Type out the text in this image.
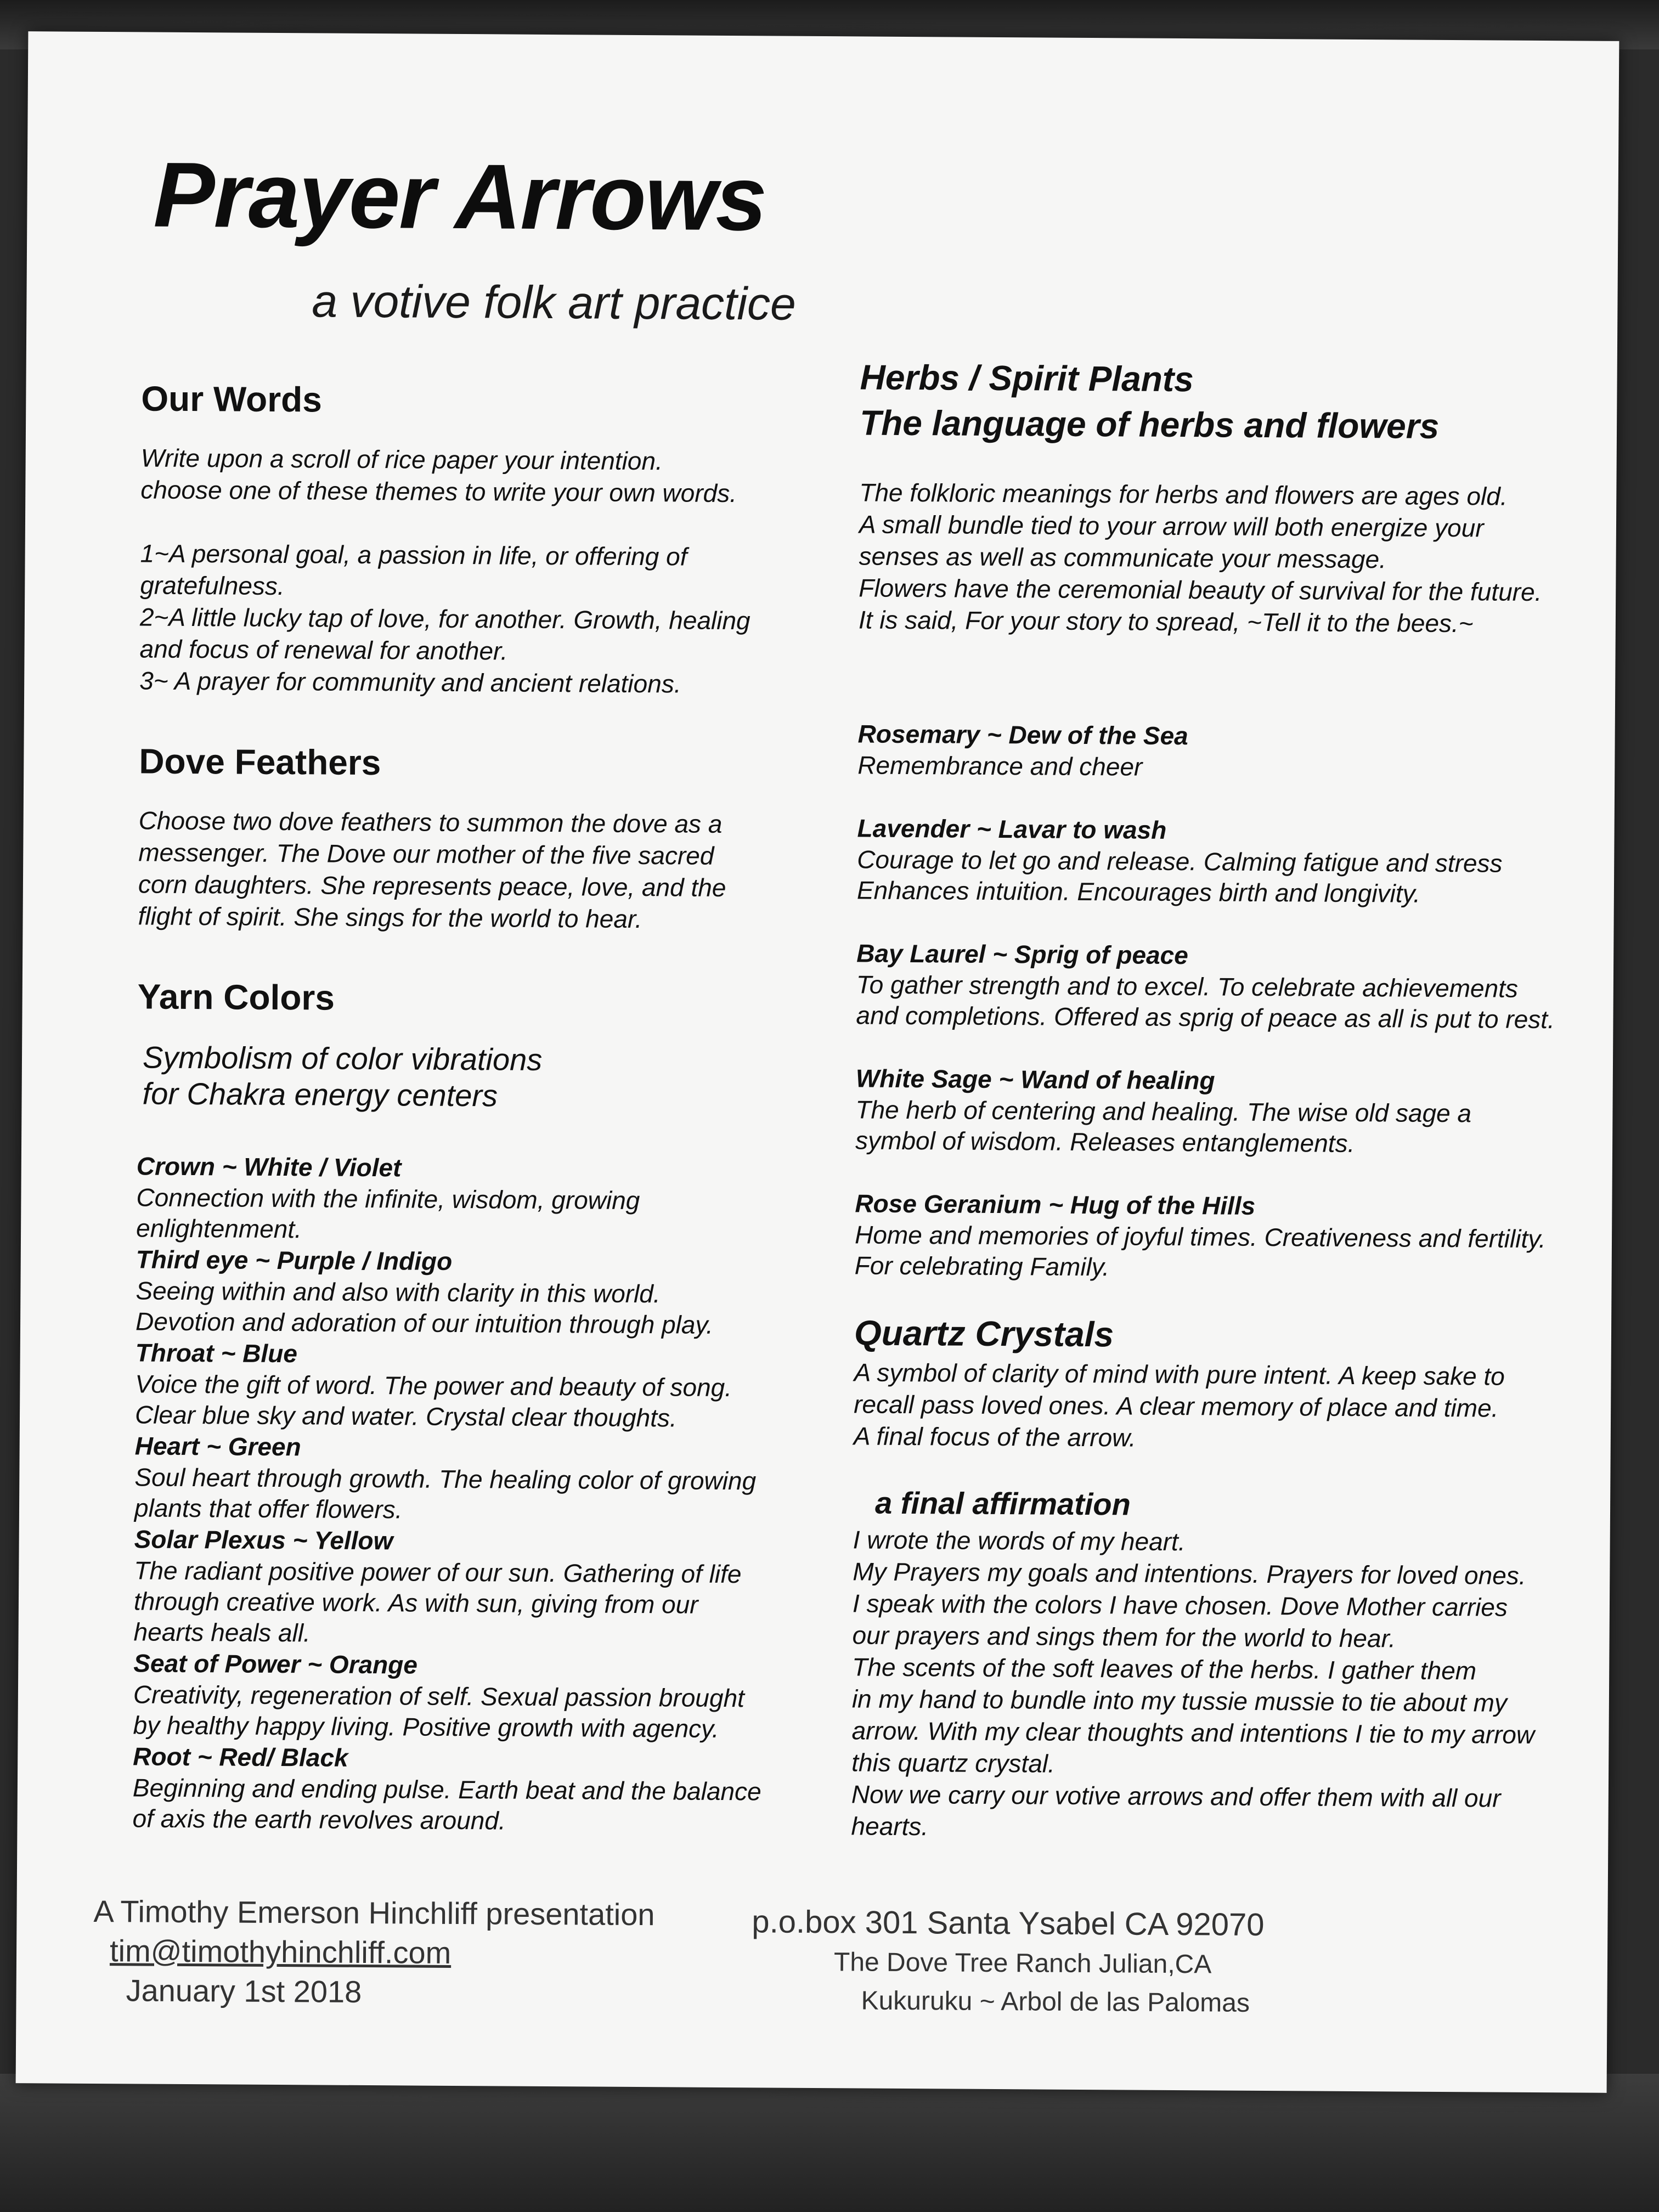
Prayer Arrows
a votive folk art practice
Our Words

Write upon a scroll of rice paper your intention.
choose one of these themes to write your own words.

1~A personal goal, a passion in life, or offering of
gratefulness.
2~A little lucky tap of love, for another. Growth, healing
and focus of renewal for another.
3~ A prayer for community and ancient relations.

Dove Feathers

Choose two dove feathers to summon the dove as a
messenger. The Dove our mother of the five sacred
corn daughters. She represents peace, love, and the
flight of spirit. She sings for the world to hear.

Yarn Colors
Symbolism of color vibrations
for Chakra energy centers
Crown ~ White / Violet
Connection with the infinite, wisdom, growing
enlightenment.
Third eye ~ Purple / Indigo
Seeing within and also with clarity in this world.
Devotion and adoration of our intuition through play.
Throat ~ Blue
Voice the gift of word. The power and beauty of song.
Clear blue sky and water. Crystal clear thoughts.
Heart ~ Green
Soul heart through growth. The healing color of growing
plants that offer flowers.
Solar Plexus ~ Yellow
The radiant positive power of our sun. Gathering of life
through creative work. As with sun, giving from our
hearts heals all.
Seat of Power ~ Orange
Creativity, regeneration of self. Sexual passion brought
by healthy happy living. Positive growth with agency.
Root ~ Red/ Black
Beginning and ending pulse. Earth beat and the balance
of axis the earth revolves around.
Herbs / Spirit Plants
The language of herbs and flowers

The folkloric meanings for herbs and flowers are ages old.
A small bundle tied to your arrow will both energize your
senses as well as communicate your message.
Flowers have the ceremonial beauty of survival for the future.
It is said, For your story to spread, ~Tell it to the bees.~

Rosemary ~ Dew of the Sea
Remembrance and cheer
Lavender ~ Lavar to wash
Courage to let go and release. Calming fatigue and stress
Enhances intuition. Encourages birth and longivity.
Bay Laurel ~ Sprig of peace
To gather strength and to excel. To celebrate achievements
and completions. Offered as sprig of peace as all is put to rest.
White Sage ~ Wand of healing
The herb of centering and healing. The wise old sage a
symbol of wisdom. Releases entanglements.
Rose Geranium ~ Hug of the Hills
Home and memories of joyful times. Creativeness and fertility.
For celebrating Family.
Quartz Crystals

A symbol of clarity of mind with pure intent. A keep sake to
recall pass loved ones. A clear memory of place and time.
A final focus of the arrow.

a final affirmation

I wrote the words of my heart.
My Prayers my goals and intentions. Prayers for loved ones.
I speak with the colors I have chosen. Dove Mother carries
our prayers and sings them for the world to hear.
The scents of the soft leaves of the herbs. I gather them
in my hand to bundle into my tussie mussie to tie about my
arrow. With my clear thoughts and intentions I tie to my arrow
this quartz crystal.
Now we carry our votive arrows and offer them with all our
hearts.

A Timothy Emerson Hinchliff presentation
tim@timothyhinchliff.com
January 1st 2018
p.o.box 301 Santa Ysabel CA 92070
The Dove Tree Ranch Julian,CA
Kukuruku ~ Arbol de las Palomas
